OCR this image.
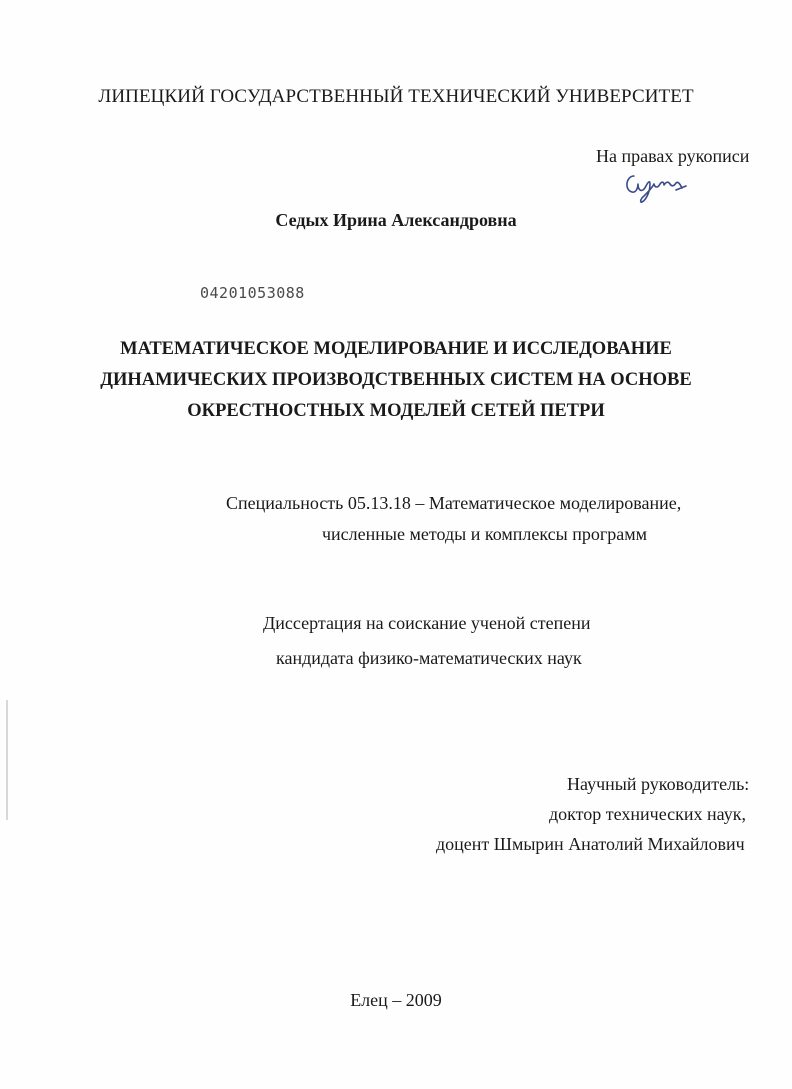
ЛИПЕЦКИЙ ГОСУДАРСТВЕННЫЙ ТЕХНИЧЕСКИЙ УНИВЕРСИТЕТ
На правах рукописи
Седых Ирина Александровна
04201053088
МАТЕМАТИЧЕСКОЕ МОДЕЛИРОВАНИЕ И ИССЛЕДОВАНИЕ
ДИНАМИЧЕСКИХ ПРОИЗВОДСТВЕННЫХ СИСТЕМ НА ОСНОВЕ
ОКРЕСТНОСТНЫХ МОДЕЛЕЙ СЕТЕЙ ПЕТРИ
Специальность 05.13.18 – Математическое моделирование,
численные методы и комплексы программ
Диссертация на соискание ученой степени
кандидата физико-математических наук
Научный руководитель:
доктор технических наук,
доцент Шмырин Анатолий Михайлович
Елец – 2009
